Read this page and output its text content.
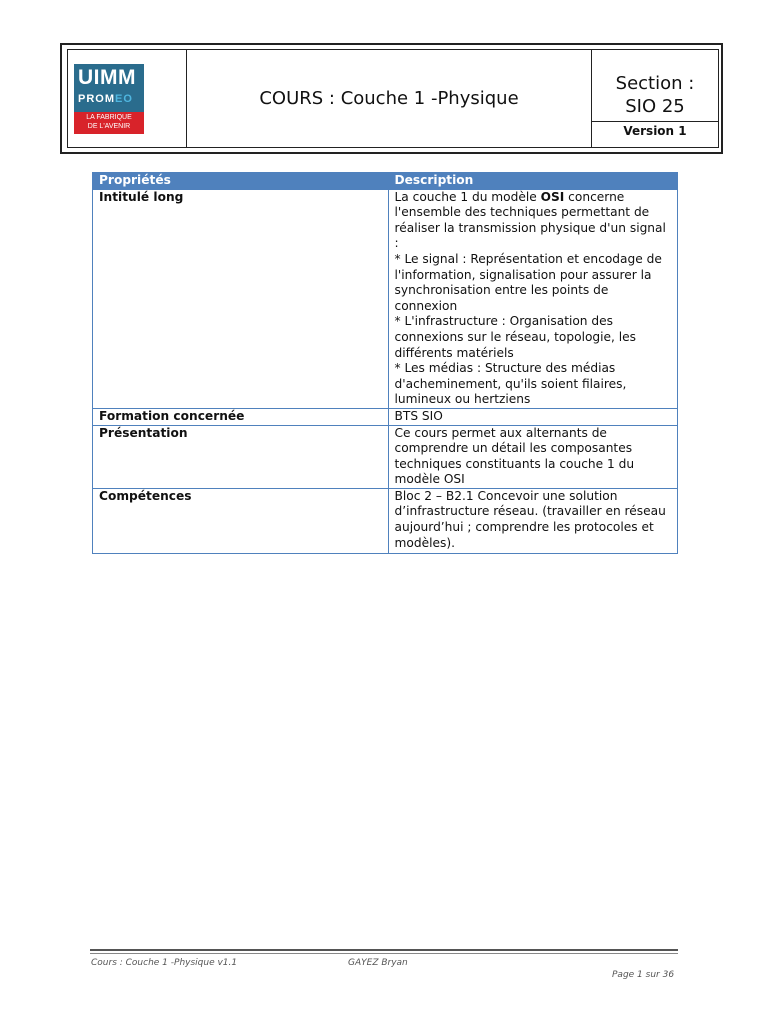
UIMM
PROMEO
LA FABRIQUE
DE L'AVENIR
COURS : Couche 1 -Physique
Section :
SIO 25
Version 1
Propriétés	Description
Intitulé long	La couche 1 du modèle OSI concerne l'ensemble des techniques permettant de réaliser la transmission physique d'un signal :
* Le signal : Représentation et encodage de l'information, signalisation pour assurer la synchronisation entre les points de connexion
* L'infrastructure : Organisation des connexions sur le réseau, topologie, les différents matériels
* Les médias : Structure des médias d'acheminement, qu'ils soient filaires, lumineux ou hertziens

Formation concernée	BTS SIO
Présentation	Ce cours permet aux alternants de comprendre un détail les composantes techniques constituants la couche 1 du modèle OSI
Compétences	Bloc 2 – B2.1 Concevoir une solution d’infrastructure réseau. (travailler en réseau aujourd’hui ; comprendre les protocoles et modèles).
Cours : Couche 1 -Physique v1.1	GAYEZ Bryan
Page 1 sur 36
